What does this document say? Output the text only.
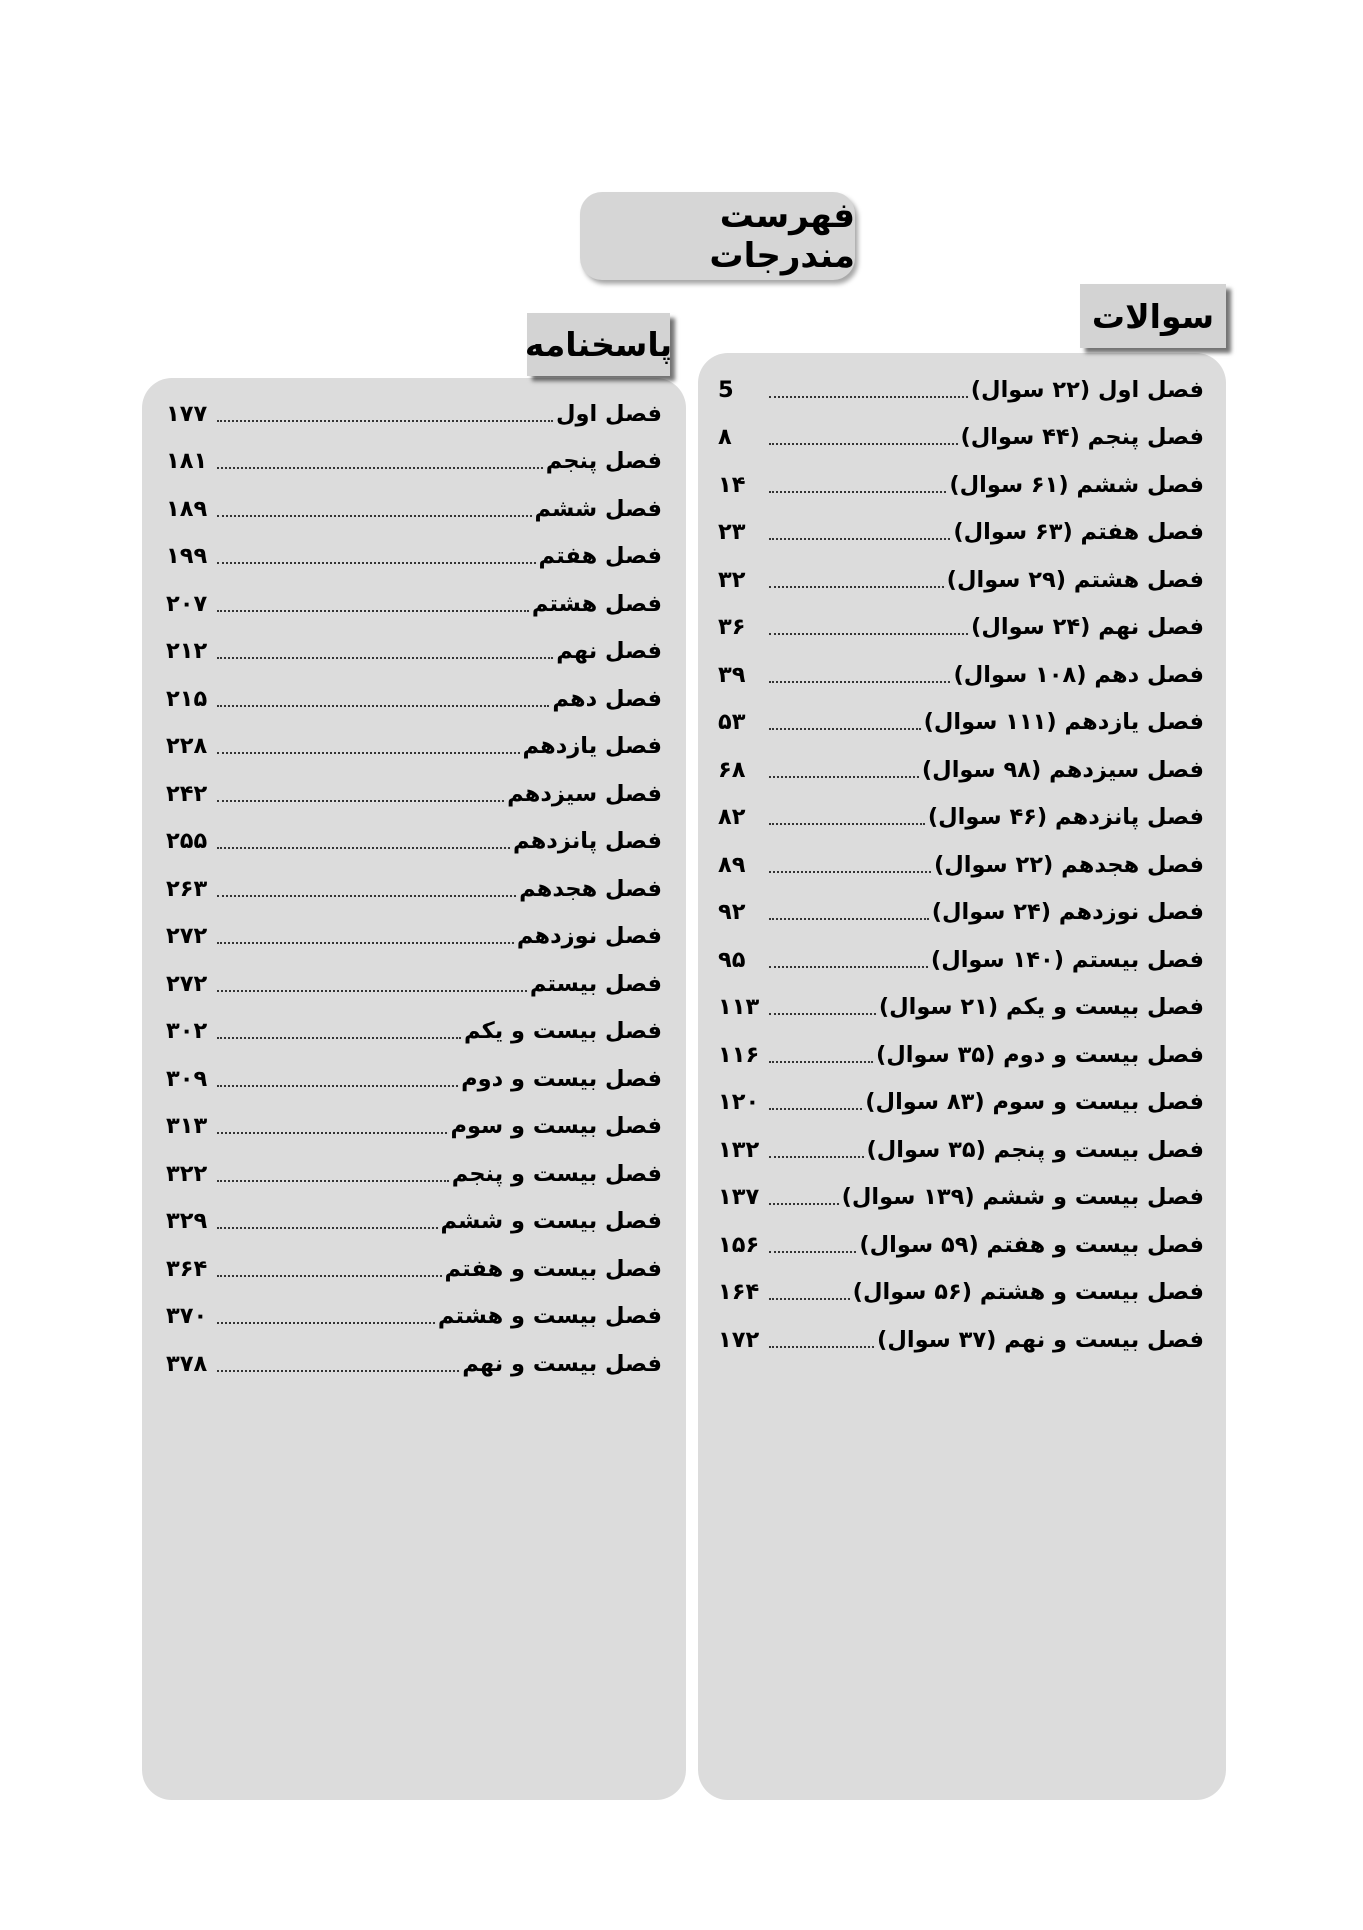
فهرست مندرجات
سوالات
فصل اول (۲۲ سوال)
5
فصل پنجم (۴۴ سوال)
۸
فصل ششم (۶۱ سوال)
۱۴
فصل هفتم (۶۳ سوال)
۲۳
فصل هشتم (۲۹ سوال)
۳۲
فصل نهم (۲۴ سوال)
۳۶
فصل دهم (۱۰۸ سوال)
۳۹
فصل یازدهم (۱۱۱ سوال)
۵۳
فصل سیزدهم (۹۸ سوال)
۶۸
فصل پانزدهم (۴۶ سوال)
۸۲
فصل هجدهم (۲۲ سوال)
۸۹
فصل نوزدهم (۲۴ سوال)
۹۲
فصل بیستم (۱۴۰ سوال)
۹۵
فصل بیست و یکم (۲۱ سوال)
۱۱۳
فصل بیست و دوم (۳۵ سوال)
۱۱۶
فصل بیست و سوم (۸۳ سوال)
۱۲۰
فصل بیست و پنجم (۳۵ سوال)
۱۳۲
فصل بیست و ششم (۱۳۹ سوال)
۱۳۷
فصل بیست و هفتم (۵۹ سوال)
۱۵۶
فصل بیست و هشتم (۵۶ سوال)
۱۶۴
فصل بیست و نهم (۳۷ سوال)
۱۷۲
پاسخنامه
فصل اول
۱۷۷
فصل پنجم
۱۸۱
فصل ششم
۱۸۹
فصل هفتم
۱۹۹
فصل هشتم
۲۰۷
فصل نهم
۲۱۲
فصل دهم
۲۱۵
فصل یازدهم
۲۲۸
فصل سیزدهم
۲۴۲
فصل پانزدهم
۲۵۵
فصل هجدهم
۲۶۳
فصل نوزدهم
۲۷۲
فصل بیستم
۲۷۲
فصل بیست و یکم
۳۰۲
فصل بیست و دوم
۳۰۹
فصل بیست و سوم
۳۱۳
فصل بیست و پنجم
۳۲۲
فصل بیست و ششم
۳۲۹
فصل بیست و هفتم
۳۶۴
فصل بیست و هشتم
۳۷۰
فصل بیست و نهم
۳۷۸
